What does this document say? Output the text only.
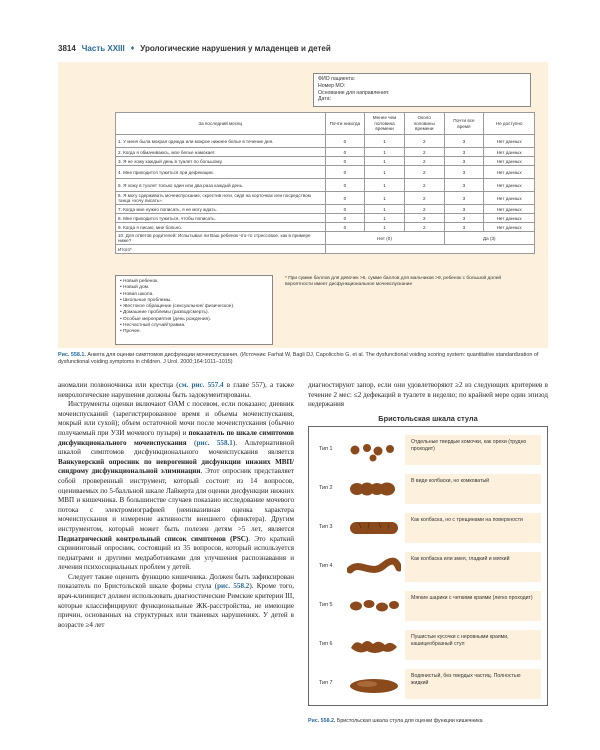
3814 Часть XXIII ♦ Урологические нарушения у младенцев и детей
ФИО пациента:
Номер МО:
Основание для направления:
Дата:
За последний месяц	Почти никогда	Менее чем половина времени	Около половины времени	Почти все время	Не доступно
1. У меня была мокрая одежда или мокрое нижнее белье в течение дня.	0	1	2	3	Нет данных
2. Когда я обмачиваюсь, мое белье намокает.	0	1	2	3	Нет данных
3. Я не хожу каждый день в туалет по большому.	0	1	2	3	Нет данных
4. Мне приходится тужиться при дефекации.	0	1	2	3	Нет данных
5. Я хожу в туалет только один или два раза каждый день.	0	1	2	3	Нет данных
6. Я могу сдерживать мочеиспускание, скрестив ноги, сидя на корточках или посредством танца «хочу писать».	0	1	2	3	Нет данных
7. Когда мне нужно пописать, я не могу ждать.	0	1	2	3	Нет данных
8. Мне приходится тужиться, чтобы пописать.	0	1	2	3	Нет данных
9. Когда я писаю, мне больно.	0	1	2	3	Нет данных
10. Для ответов родителей: Испытывал ли Ваш ребенок что-то стрессовое, как в примере ниже?	Нет (0)			Да (3)	
Итого*					
• Новый ребенок.
• Новый дом.
• Новая школа.
• Школьные проблемы.
• Жестокое обращение (сексуальное/ физическое).
• Домашние проблемы (развод/смерть).
• Особые мероприятия (день рождения).
• Несчастный случай/травма.
• Прочее.
* При сумме баллов для девочек >6, сумме баллов для мальчиков >9, ребенок с большой долей вероятности имеет дисфункциональное мочеиспускание
Рис. 558.1. Анкета для оценки симптомов дисфункции мочеиспускания. (Источник: Farhat W, Bagli DJ, Capolicchio G, et al. The dysfunctional voiding scoring system: quantitative standardization of dysfunctional voiding symptoms in children. J Urol. 2000;164:1011–1015)

аномалии позвоночника или крестца (см. рис. 557.4 в главе 557), а также неврологические нарушения должны быть задокументированы.

Инструменты оценки включают ОАМ с посевом, если показано; дневник мочеиспусканий (зарегистрированное время и объемы мочеиспускания, мокрый или сухой); объем остаточной мочи после мочеиспускания (обычно получаемый при УЗИ мочевого пузыря) и показатель по шкале симптомов дисфункционального мочеиспускания (рис. 558.1). Альтернативной шкалой симптомов дисфункционального мочеиспускания является Ванкуверский опросник по неврогенной дисфункции нижних МВП/синдрому дисфункциональной элиминации. Этот опросник представляет собой проверенный инструмент, который состоит из 14 вопросов, оцениваемых по 5-балльной шкале Лайкерта для оценки дисфункции нижних МВП и кишечника. В большинстве случаев показано исследование мочевого потока с электромиографией (неинвазивная оценка характера мочеиспускания и измерение активности внешнего сфинктера). Другим инструментом, который может быть полезен детям >5 лет, является Педиатрический контрольный список симптомов (PSC). Это краткий скрининговый опросник, состоящий из 35 вопросов, который используется педиатрами и другими медработниками для улучшения распознавания и лечения психосоциальных проблем у детей.

Следует также оценить функцию кишечника. Должен быть зафиксирован показатель по Бристольской шкале формы стула (рис. 558.2). Кроме того, врач-клиницист должен использовать диагностические Римские критерии III, которые классифицируют функциональные ЖК-расстройства, не имеющие причин, основанных на структурных или тканевых нарушениях. У детей в возрасте ≥4 лет

диагностируют запор, если они удовлетворяют ≥2 из следующих критериев в течение 2 мес: ≤2 дефекаций в туалете в неделю; по крайней мере один эпизод недержания
Бристольская шкала стула
Тип 1
Отдельные твердые комочки, как орехи (трудно проходит)
Тип 2
В виде колбаски, но комковатый
Тип 3
Как колбаска, но с трещинами на поверхности
Тип 4
Как колбаска или змея, гладкий и мягкий
Тип 5
Мягкие шарики с четкими краями (легко проходит)
Тип 6
Пушистые кусочки с неровными краями, кашицеобразный стул
Тип 7
Водянистый, без твердых частиц. Полностью жидкий
Рис. 558.2. Бристольская шкала стула для оценки функции кишечника
